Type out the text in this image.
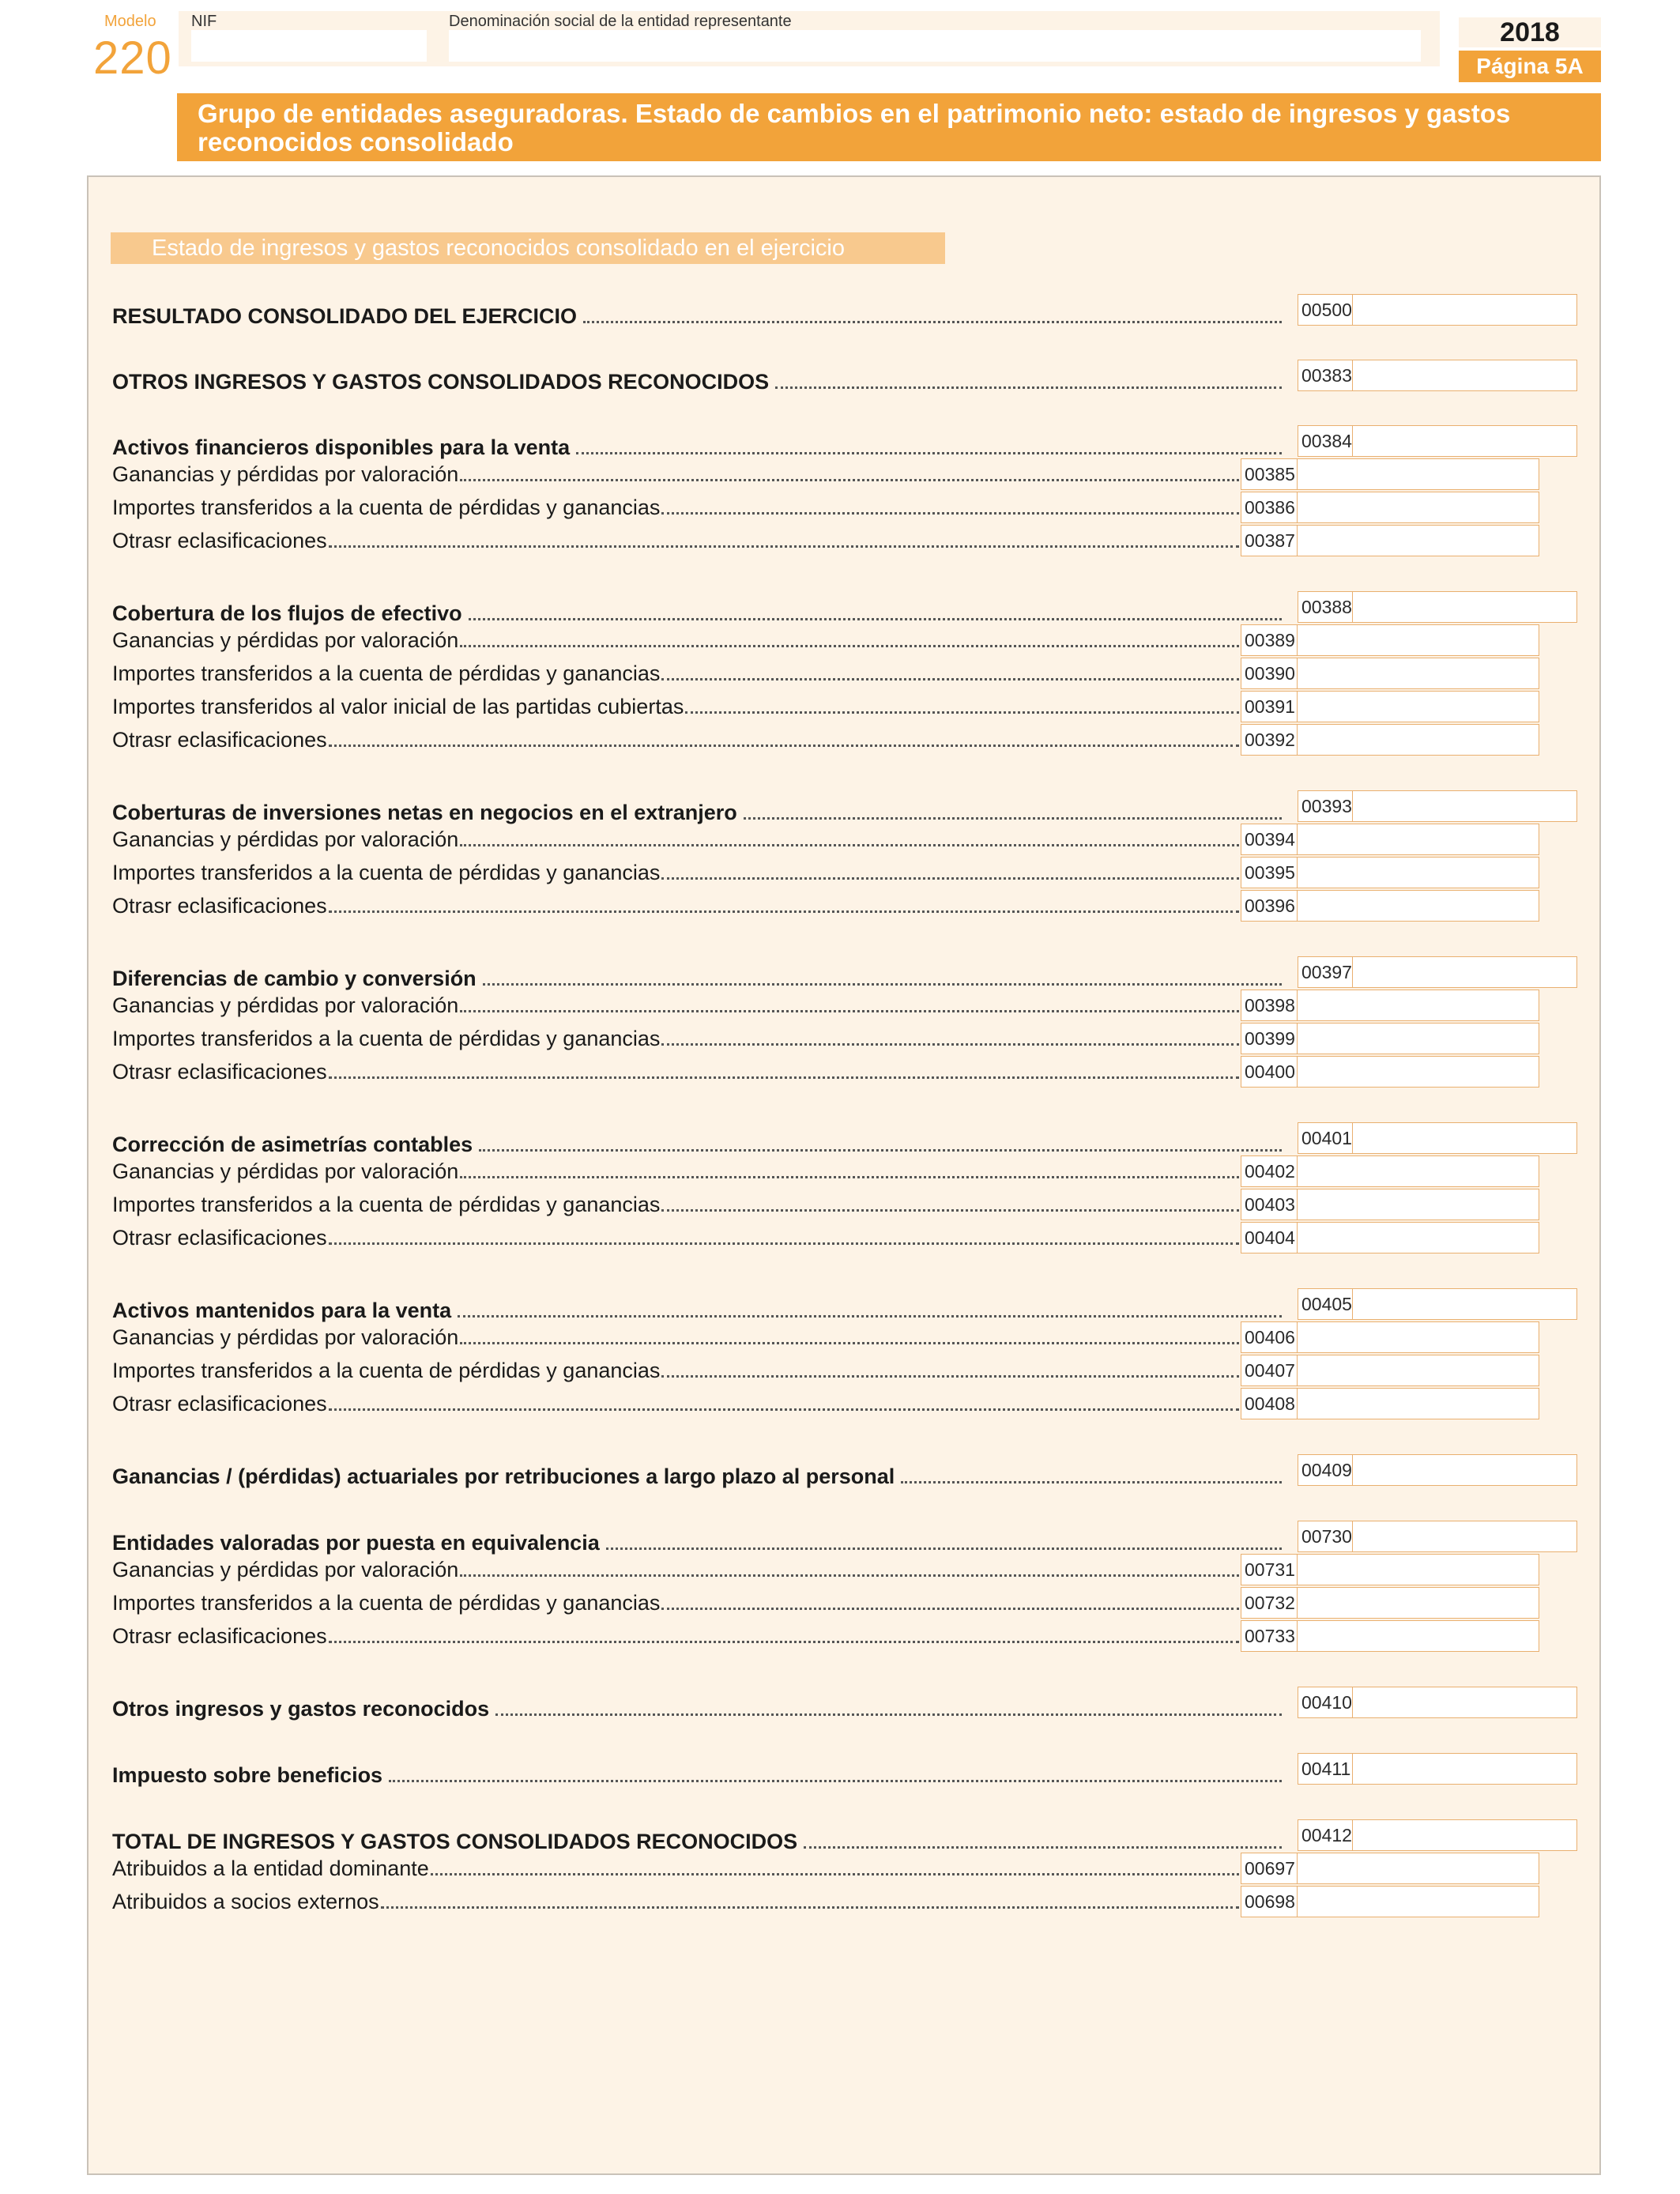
Modelo
220
NIF	Denominación social de la entidad representante	2018
Página 5A
Grupo de entidades aseguradoras. Estado de cambios en el patrimonio neto: estado de ingresos y gastos
reconocidos consolidado
Estado de ingresos y gastos reconocidos consolidado en el ejercicio
RESULTADO CONSOLIDADO DEL EJERCICIO	00500
OTROS INGRESOS Y GASTOS CONSOLIDADOS RECONOCIDOS	00383
Activos financieros disponibles para la venta	00384
Ganancias y pérdidas por valoración	00385
Importes transferidos a la cuenta de pérdidas y ganancias	00386
Otrasr eclasificaciones	00387
Cobertura de los flujos de efectivo	00388
Ganancias y pérdidas por valoración	00389
Importes transferidos a la cuenta de pérdidas y ganancias	00390
Importes transferidos al valor inicial de las partidas cubiertas	00391
Otrasr eclasificaciones	00392
Coberturas de inversiones netas en negocios en el extranjero	00393
Ganancias y pérdidas por valoración	00394
Importes transferidos a la cuenta de pérdidas y ganancias	00395
Otrasr eclasificaciones	00396
Diferencias de cambio y conversión	00397
Ganancias y pérdidas por valoración	00398
Importes transferidos a la cuenta de pérdidas y ganancias	00399
Otrasr eclasificaciones	00400
Corrección de asimetrías contables	00401
Ganancias y pérdidas por valoración	00402
Importes transferidos a la cuenta de pérdidas y ganancias	00403
Otrasr eclasificaciones	00404
Activos mantenidos para la venta	00405
Ganancias y pérdidas por valoración	00406
Importes transferidos a la cuenta de pérdidas y ganancias	00407
Otrasr eclasificaciones	00408
Ganancias / (pérdidas) actuariales por retribuciones a largo plazo al personal	00409
Entidades valoradas por puesta en equivalencia	00730
Ganancias y pérdidas por valoración	00731
Importes transferidos a la cuenta de pérdidas y ganancias	00732
Otrasr eclasificaciones	00733
Otros ingresos y gastos reconocidos	00410
Impuesto sobre beneficios	00411
TOTAL DE INGRESOS Y GASTOS CONSOLIDADOS RECONOCIDOS	00412
Atribuidos a la entidad dominante	00697
Atribuidos a socios externos	00698
